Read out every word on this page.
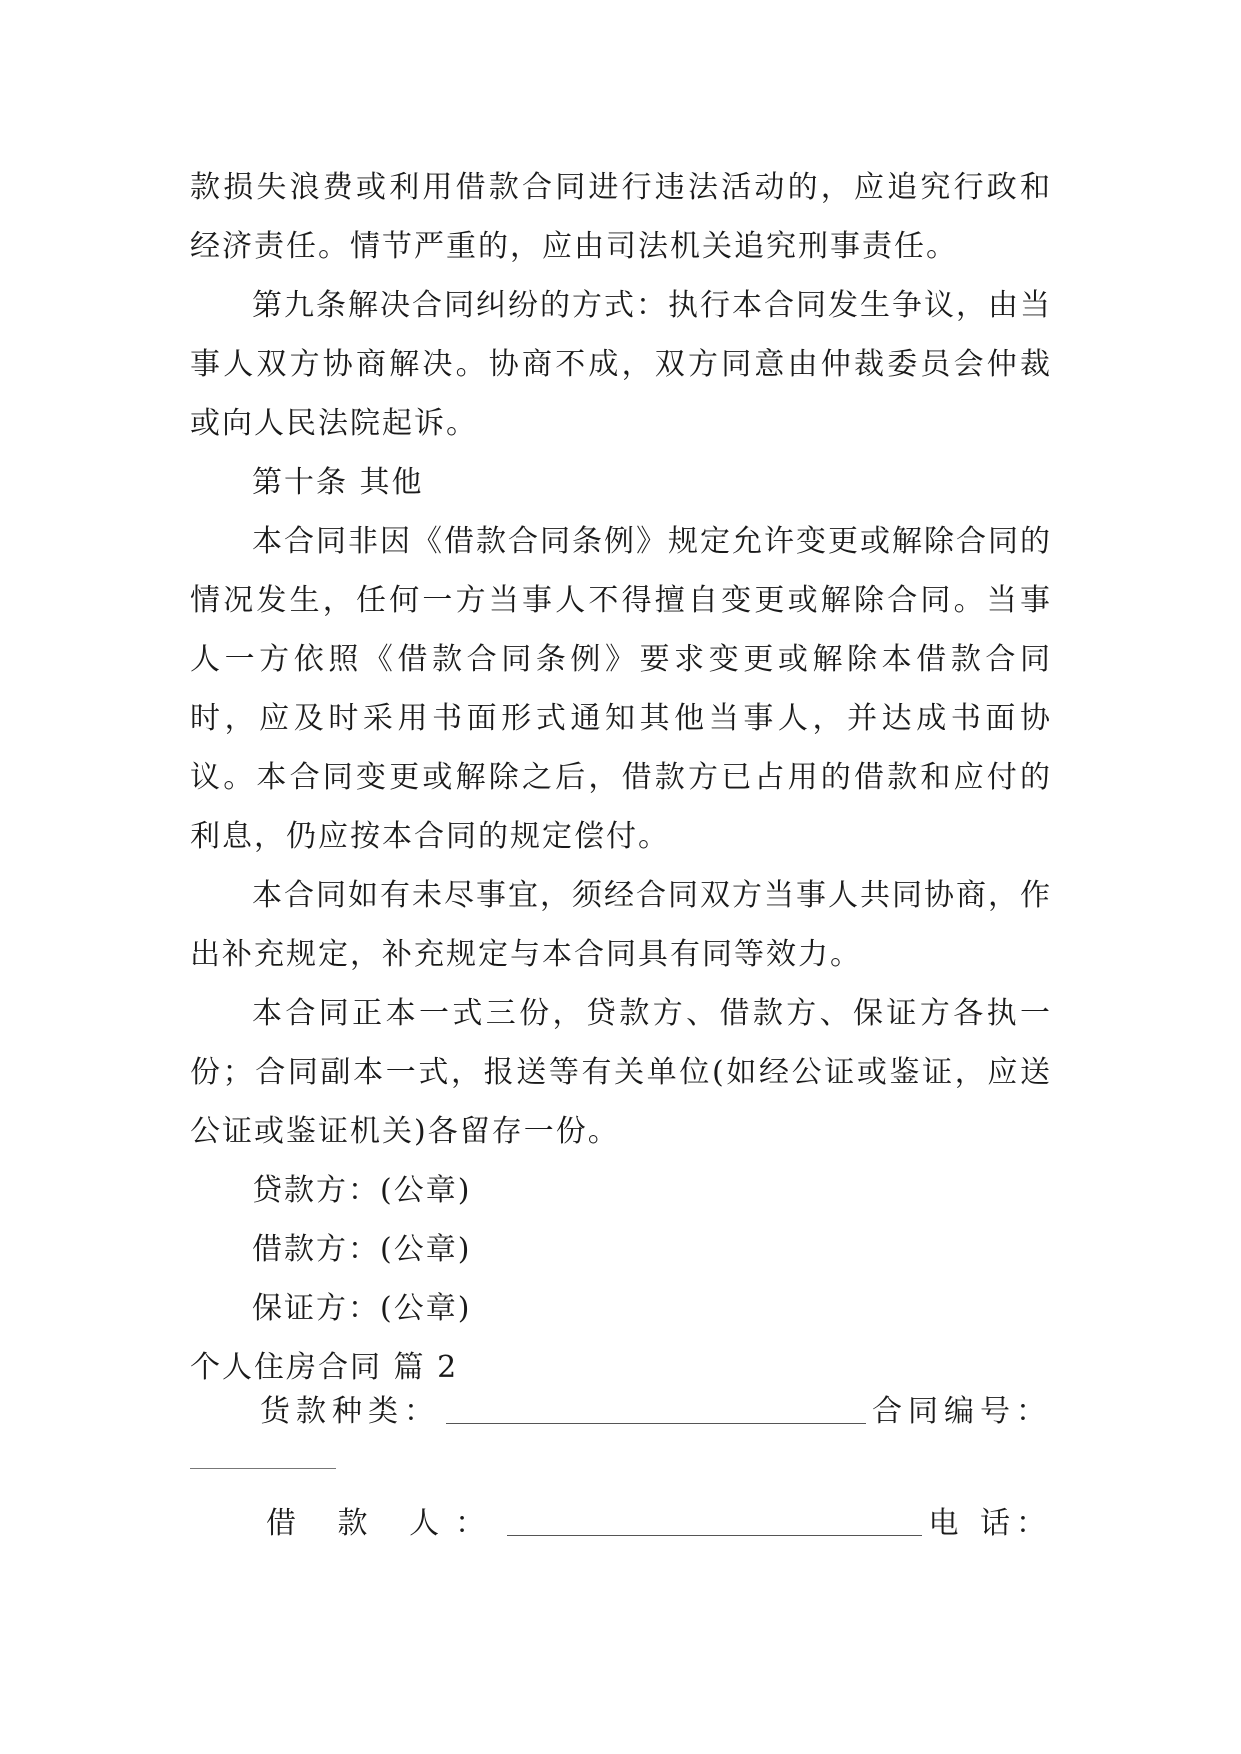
款损失浪费或利用借款合同进行违法活动的，应追究行政和经济责任。情节严重的，应由司法机关追究刑事责任。

第九条解决合同纠纷的方式：执行本合同发生争议，由当事人双方协商解决。协商不成，双方同意由仲裁委员会仲裁或向人民法院起诉。

第十条 其他

本合同非因《借款合同条例》规定允许变更或解除合同的情况发生，任何一方当事人不得擅自变更或解除合同。当事人一方依照《借款合同条例》要求变更或解除本借款合同时，应及时采用书面形式通知其他当事人，并达成书面协议。本合同变更或解除之后，借款方已占用的借款和应付的利息，仍应按本合同的规定偿付。

本合同如有未尽事宜，须经合同双方当事人共同协商，作出补充规定，补充规定与本合同具有同等效力。

本合同正本一式三份，贷款方、借款方、保证方各执一份；合同副本一式，报送等有关单位(如经公证或鉴证，应送公证或鉴证机关)各留存一份。

贷款方：(公章)

借款方：(公章)

保证方：(公章)

个人住房合同 篇 2

货款种类：	合同编号：
借 款 人：	电 话：
